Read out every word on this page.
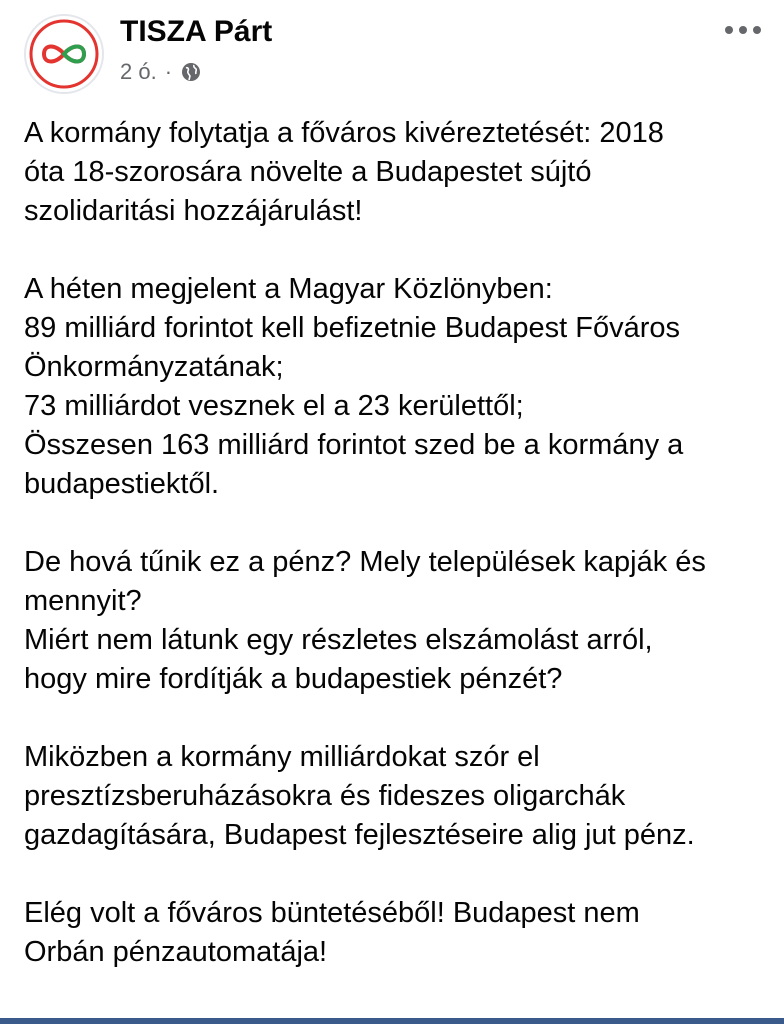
TISZA Párt
2 ó. ·

A kormány folytatja a főváros kivéreztetését: 2018
óta 18-szorosára növelte a Budapestet sújtó
szolidaritási hozzájárulást!

A héten megjelent a Magyar Közlönyben:
89 milliárd forintot kell befizetnie Budapest Főváros
Önkormányzatának;
73 milliárdot vesznek el a 23 kerülettől;
Összesen 163 milliárd forintot szed be a kormány a
budapestiektől.

De hová tűnik ez a pénz? Mely települések kapják és
mennyit?
Miért nem látunk egy részletes elszámolást arról,
hogy mire fordítják a budapestiek pénzét?

Miközben a kormány milliárdokat szór el
presztízsberuházásokra és fideszes oligarchák
gazdagítására, Budapest fejlesztéseire alig jut pénz.

Elég volt a főváros büntetéséből! Budapest nem
Orbán pénzautomatája!
